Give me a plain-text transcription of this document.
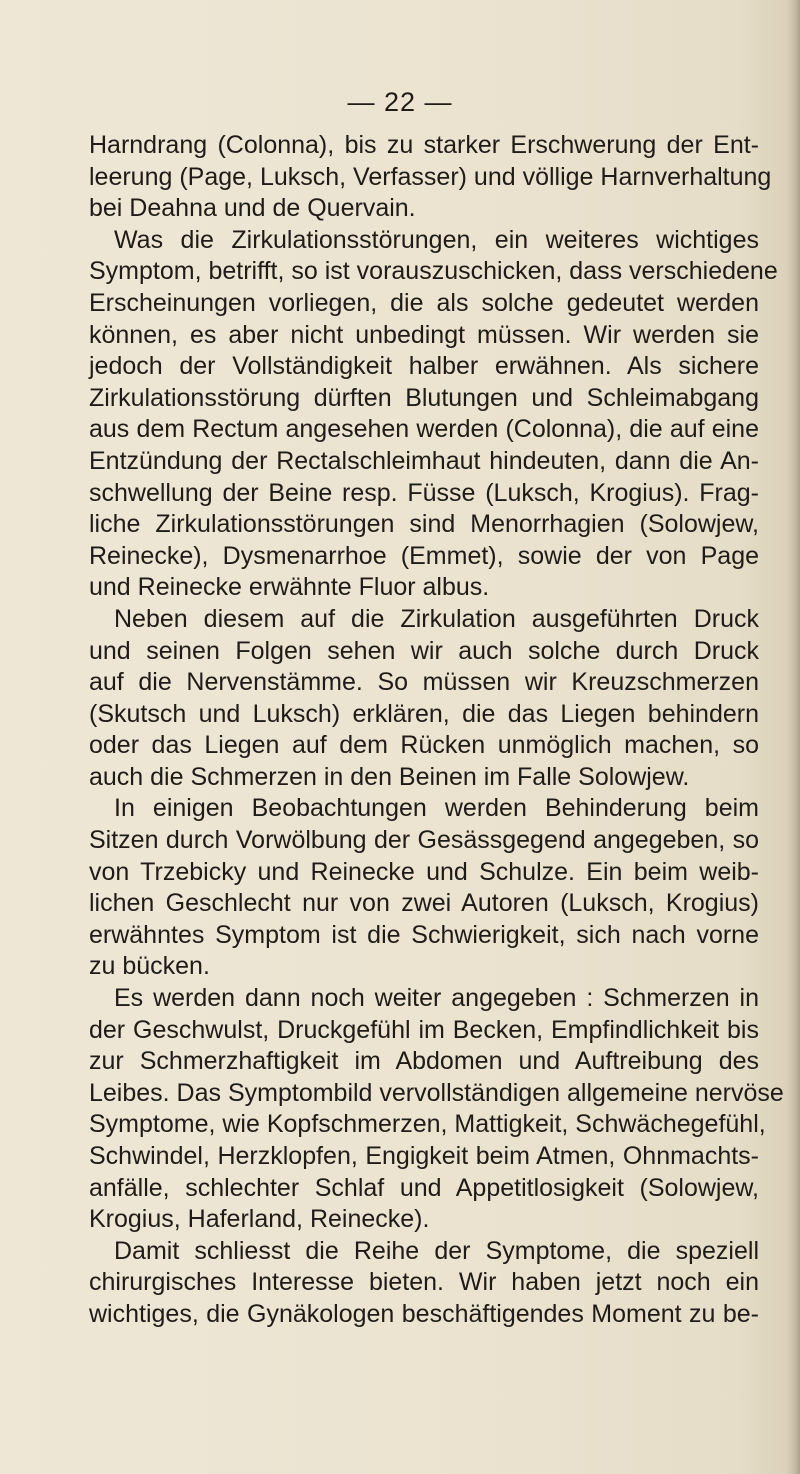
— 22 —
Harndrang (Colonna), bis zu starker Erschwerung der Ent-
leerung (Page, Luksch, Verfasser) und völlige Harnverhaltung
bei Deahna und de Quervain.
Was die Zirkulationsstörungen, ein weiteres wichtiges
Symptom, betrifft, so ist vorauszuschicken, dass verschiedene
Erscheinungen vorliegen, die als solche gedeutet werden
können, es aber nicht unbedingt müssen. Wir werden sie
jedoch der Vollständigkeit halber erwähnen. Als sichere
Zirkulationsstörung dürften Blutungen und Schleimabgang
aus dem Rectum angesehen werden (Colonna), die auf eine
Entzündung der Rectalschleimhaut hindeuten, dann die An-
schwellung der Beine resp. Füsse (Luksch, Krogius). Frag-
liche Zirkulationsstörungen sind Menorrhagien (Solowjew,
Reinecke), Dysmenarrhoe (Emmet), sowie der von Page
und Reinecke erwähnte Fluor albus.
Neben diesem auf die Zirkulation ausgeführten Druck
und seinen Folgen sehen wir auch solche durch Druck
auf die Nervenstämme. So müssen wir Kreuzschmerzen
(Skutsch und Luksch) erklären, die das Liegen behindern
oder das Liegen auf dem Rücken unmöglich machen, so
auch die Schmerzen in den Beinen im Falle Solowjew.
In einigen Beobachtungen werden Behinderung beim
Sitzen durch Vorwölbung der Gesässgegend angegeben, so
von Trzebicky und Reinecke und Schulze. Ein beim weib-
lichen Geschlecht nur von zwei Autoren (Luksch, Krogius)
erwähntes Symptom ist die Schwierigkeit, sich nach vorne
zu bücken.
Es werden dann noch weiter angegeben : Schmerzen in
der Geschwulst, Druckgefühl im Becken, Empfindlichkeit bis
zur Schmerzhaftigkeit im Abdomen und Auftreibung des
Leibes. Das Symptombild vervollständigen allgemeine nervöse
Symptome, wie Kopfschmerzen, Mattigkeit, Schwächegefühl,
Schwindel, Herzklopfen, Engigkeit beim Atmen, Ohnmachts-
anfälle, schlechter Schlaf und Appetitlosigkeit (Solowjew,
Krogius, Haferland, Reinecke).
Damit schliesst die Reihe der Symptome, die speziell
chirurgisches Interesse bieten. Wir haben jetzt noch ein
wichtiges, die Gynäkologen beschäftigendes Moment zu be-
